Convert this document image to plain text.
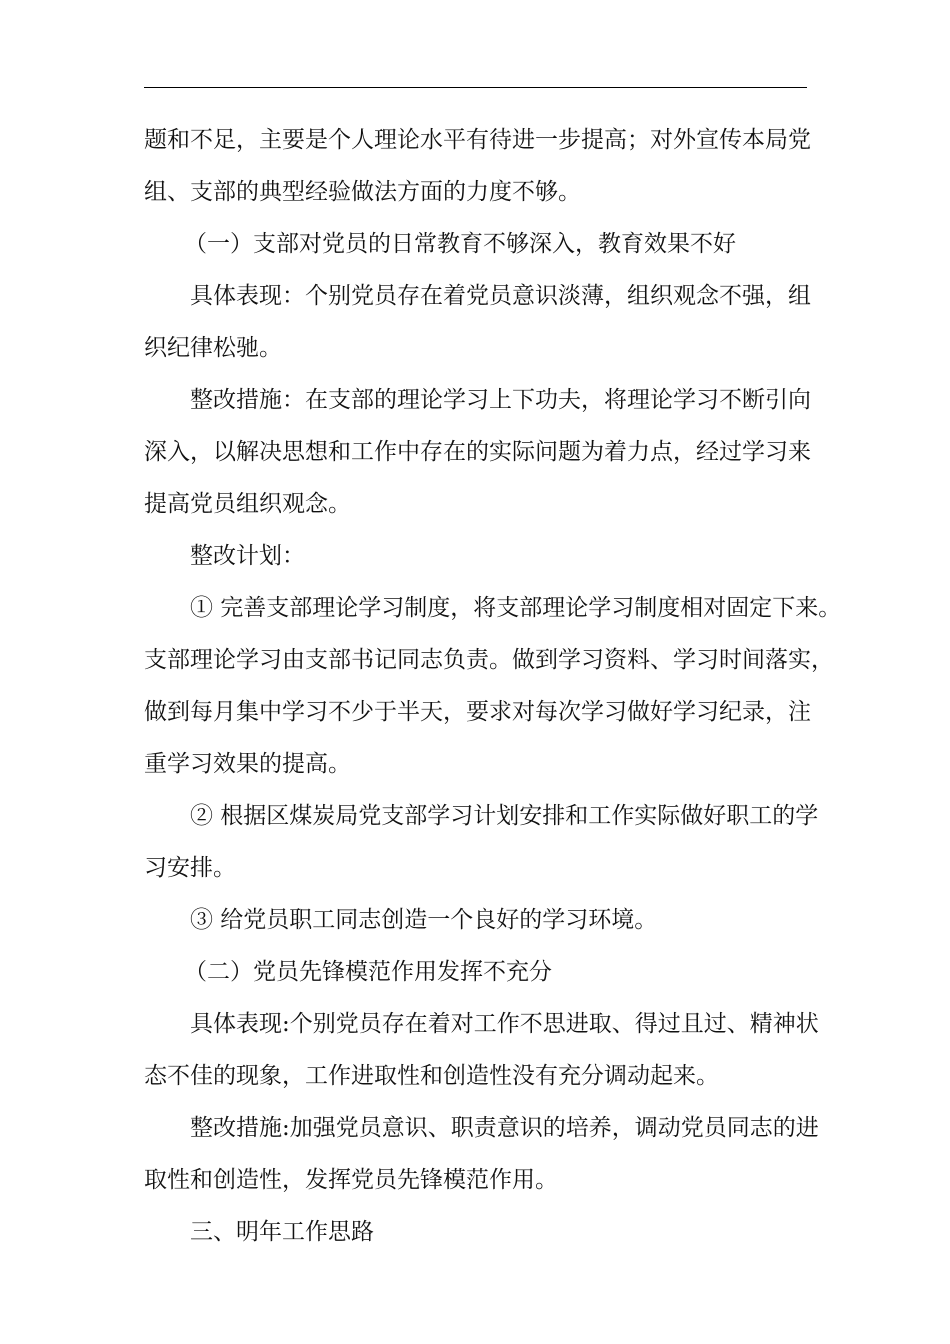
题和不足，主要是个人理论水平有待进一步提高；对外宣传本局党
组、支部的典型经验做法方面的力度不够。
（一）支部对党员的日常教育不够深入，教育效果不好
具体表现：个别党员存在着党员意识淡薄，组织观念不强，组
织纪律松驰。
整改措施：在支部的理论学习上下功夫，将理论学习不断引向
深入，以解决思想和工作中存在的实际问题为着力点，经过学习来
提高党员组织观念。
整改计划：
① 完善支部理论学习制度，将支部理论学习制度相对固定下来。
支部理论学习由支部书记同志负责。做到学习资料、学习时间落实，
做到每月集中学习不少于半天，要求对每次学习做好学习纪录，注
重学习效果的提高。
② 根据区煤炭局党支部学习计划安排和工作实际做好职工的学
习安排。
③ 给党员职工同志创造一个良好的学习环境。
（二）党员先锋模范作用发挥不充分
具体表现:个别党员存在着对工作不思进取、得过且过、精神状
态不佳的现象，工作进取性和创造性没有充分调动起来。
整改措施:加强党员意识、职责意识的培养，调动党员同志的进
取性和创造性，发挥党员先锋模范作用。
三、明年工作思路
